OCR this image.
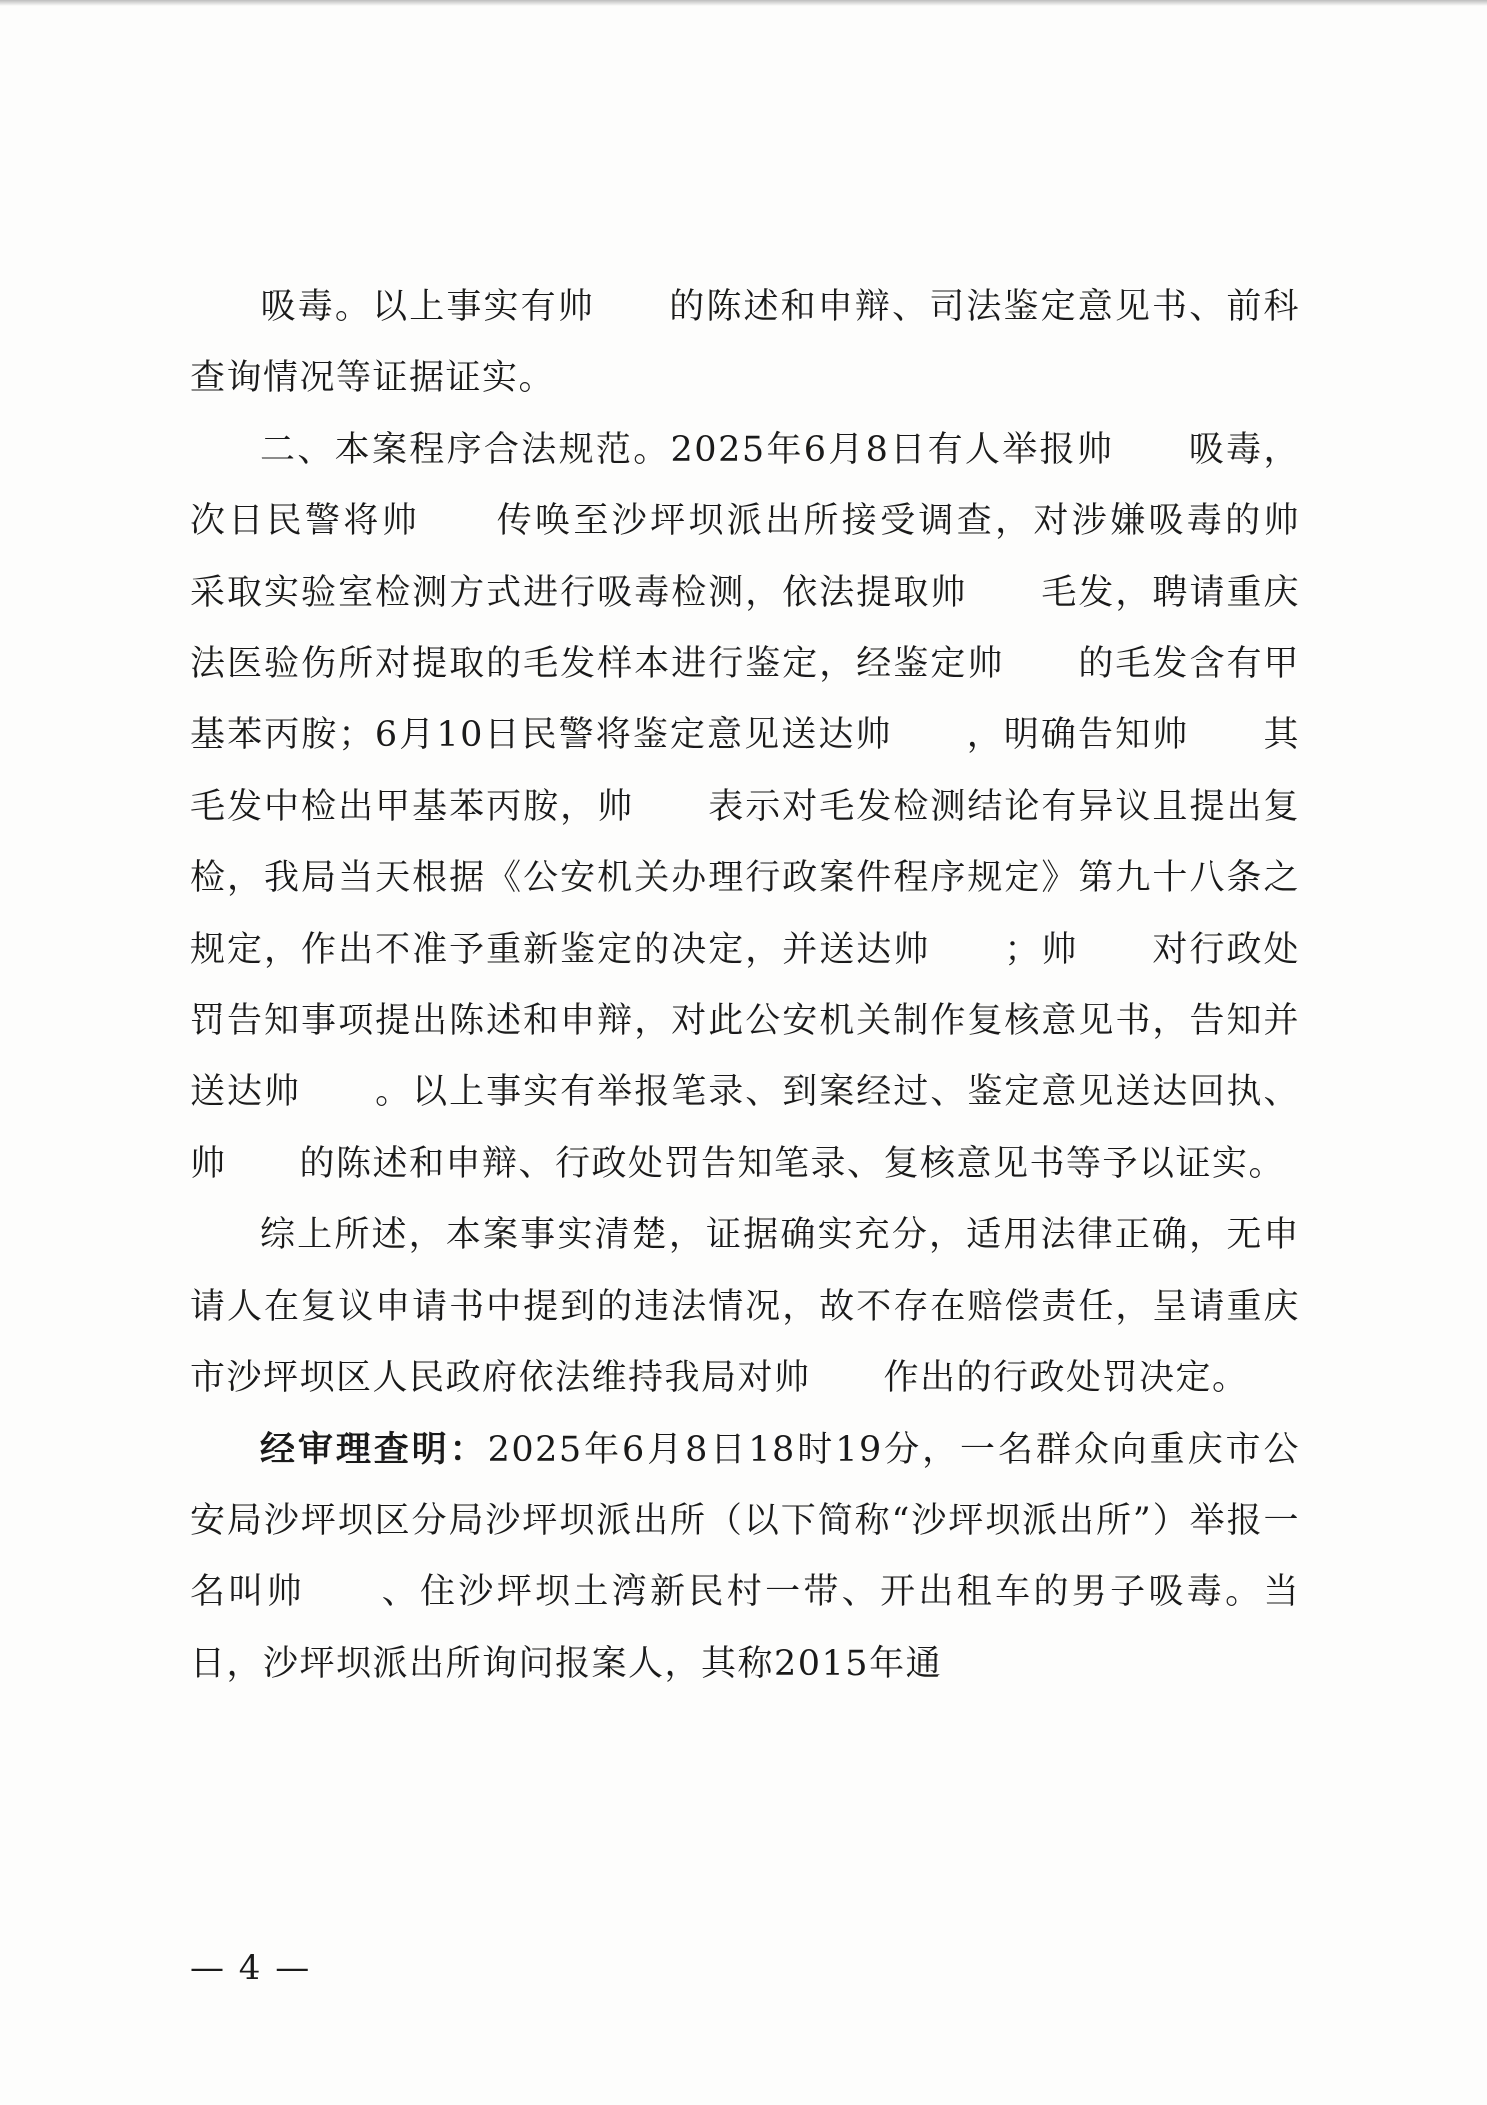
吸毒。以上事实有帅　　的陈述和申辩、司法鉴定意见书、前科查询情况等证据证实。

二、本案程序合法规范。2025年6月8日有人举报帅　　吸毒，次日民警将帅　　传唤至沙坪坝派出所接受调查，对涉嫌吸毒的帅　　采取实验室检测方式进行吸毒检测，依法提取帅　　毛发，聘请重庆法医验伤所对提取的毛发样本进行鉴定，经鉴定帅　　的毛发含有甲基苯丙胺；6月10日民警将鉴定意见送达帅　　，明确告知帅　　其毛发中检出甲基苯丙胺，帅　　表示对毛发检测结论有异议且提出复检，我局当天根据《公安机关办理行政案件程序规定》第九十八条之规定，作出不准予重新鉴定的决定，并送达帅　　；帅　　对行政处罚告知事项提出陈述和申辩，对此公安机关制作复核意见书，告知并送达帅　　。以上事实有举报笔录、到案经过、鉴定意见送达回执、帅　　的陈述和申辩、行政处罚告知笔录、复核意见书等予以证实。

综上所述，本案事实清楚，证据确实充分，适用法律正确，无申请人在复议申请书中提到的违法情况，故不存在赔偿责任，呈请重庆市沙坪坝区人民政府依法维持我局对帅　　作出的行政处罚决定。

经审理查明：2025年6月8日18时19分，一名群众向重庆市公安局沙坪坝区分局沙坪坝派出所（以下简称“沙坪坝派出所”）举报一名叫帅　　、住沙坪坝土湾新民村一带、开出租车的男子吸毒。当日，沙坪坝派出所询问报案人，其称2015年通

— 4 —
